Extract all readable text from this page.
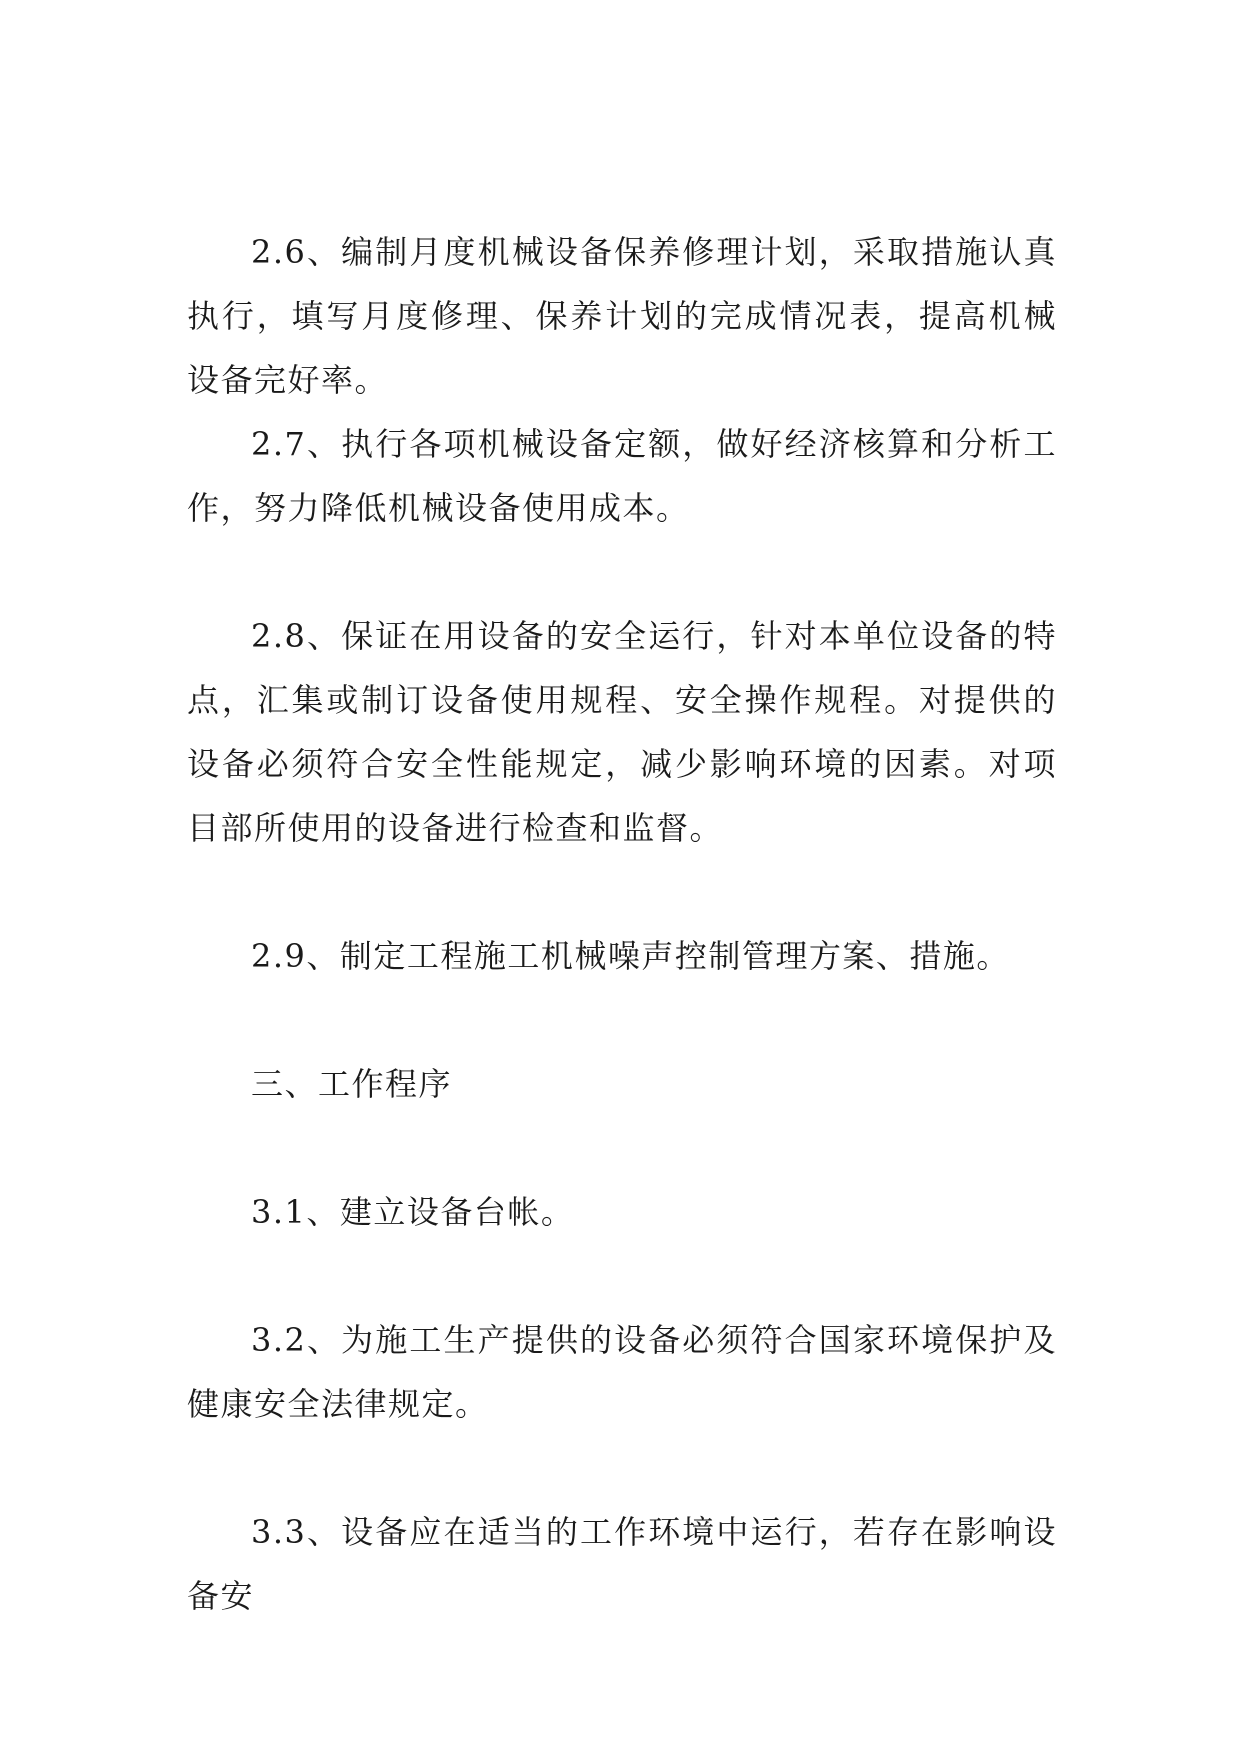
2.6、编制月度机械设备保养修理计划，采取措施认真执行，填写月度修理、保养计划的完成情况表，提高机械设备完好率。

2.7、执行各项机械设备定额，做好经济核算和分析工作，努力降低机械设备使用成本。

2.8、保证在用设备的安全运行，针对本单位设备的特点，汇集或制订设备使用规程、安全操作规程。对提供的设备必须符合安全性能规定，减少影响环境的因素。对项目部所使用的设备进行检查和监督。

2.9、制定工程施工机械噪声控制管理方案、措施。

三、工作程序

3.1、建立设备台帐。

3.2、为施工生产提供的设备必须符合国家环境保护及健康安全法律规定。

3.3、设备应在适当的工作环境中运行，若存在影响设备安
